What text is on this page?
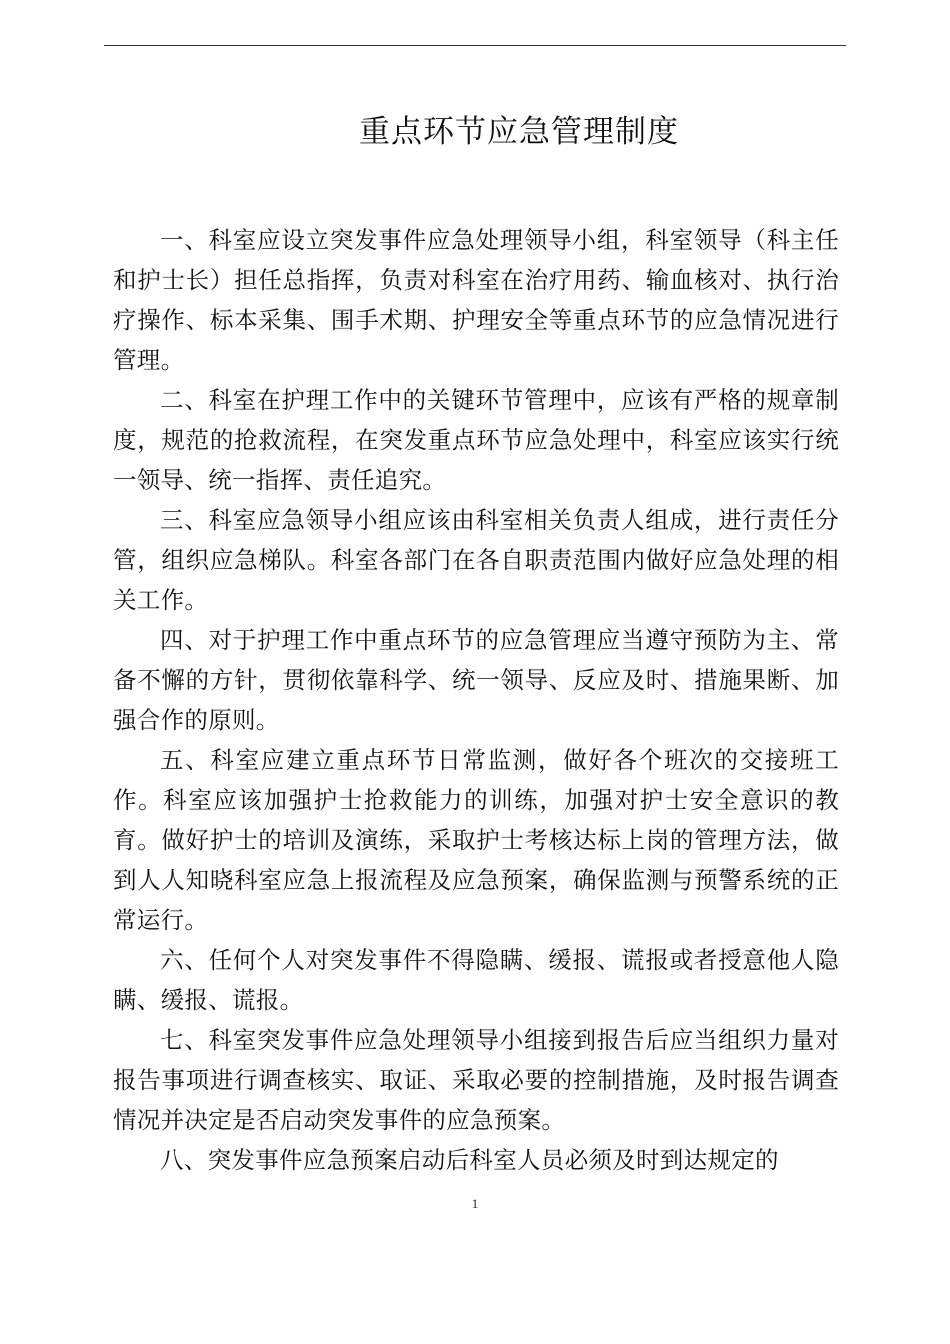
重点环节应急管理制度

一、科室应设立突发事件应急处理领导小组，科室领导（科主任和护士长）担任总指挥，负责对科室在治疗用药、输血核对、执行治疗操作、标本采集、围手术期、护理安全等重点环节的应急情况进行管理。

二、科室在护理工作中的关键环节管理中，应该有严格的规章制度，规范的抢救流程，在突发重点环节应急处理中，科室应该实行统一领导、统一指挥、责任追究。

三、科室应急领导小组应该由科室相关负责人组成，进行责任分管，组织应急梯队。科室各部门在各自职责范围内做好应急处理的相关工作。

四、对于护理工作中重点环节的应急管理应当遵守预防为主、常备不懈的方针，贯彻依靠科学、统一领导、反应及时、措施果断、加强合作的原则。

五、科室应建立重点环节日常监测，做好各个班次的交接班工作。科室应该加强护士抢救能力的训练，加强对护士安全意识的教育。做好护士的培训及演练，采取护士考核达标上岗的管理方法，做到人人知晓科室应急上报流程及应急预案，确保监测与预警系统的正常运行。

六、任何个人对突发事件不得隐瞒、缓报、谎报或者授意他人隐瞒、缓报、谎报。

七、科室突发事件应急处理领导小组接到报告后应当组织力量对报告事项进行调查核实、取证、采取必要的控制措施，及时报告调查情况并决定是否启动突发事件的应急预案。

八、突发事件应急预案启动后科室人员必须及时到达规定的

1
